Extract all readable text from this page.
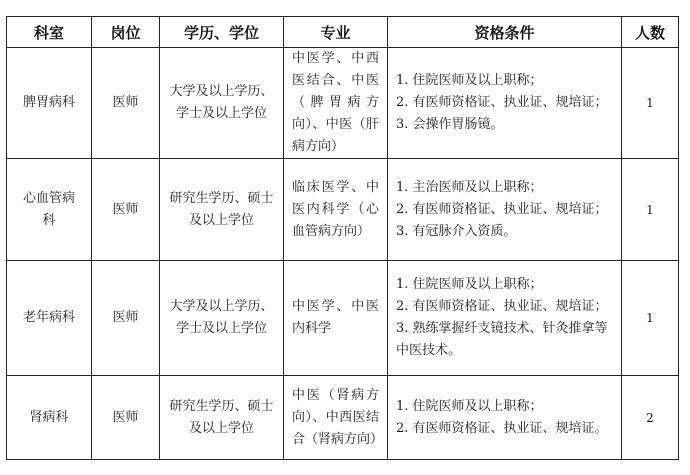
科室	岗位	学历、学位	专业	资格条件	人数
脾胃病科	医师	大学及以上学历、学士及以上学位	中医学、中西医结合、中医（脾胃病方向）、中医（肝病方向）	1. 住院医师及以上职称；
2. 有医师资格证、执业证、规培证；
3. 会操作胃肠镜。	1
心血管病科	医师	研究生学历、硕士及以上学位	临床医学、中医内科学（心血管病方向）	1. 主治医师及以上职称；
2. 有医师资格证、执业证、规培证；
3. 有冠脉介入资质。	1
老年病科	医师	大学及以上学历、学士及以上学位	中医学、中医内科学	1. 住院医师及以上职称；
2. 有医师资格证、执业证、规培证；
3. 熟练掌握纤支镜技术、针灸推拿等中医技术。	1
肾病科	医师	研究生学历、硕士及以上学位	中医（肾病方向）、中西医结合（肾病方向）	1. 住院医师及以上职称；
2. 有医师资格证、执业证、规培证。	2
